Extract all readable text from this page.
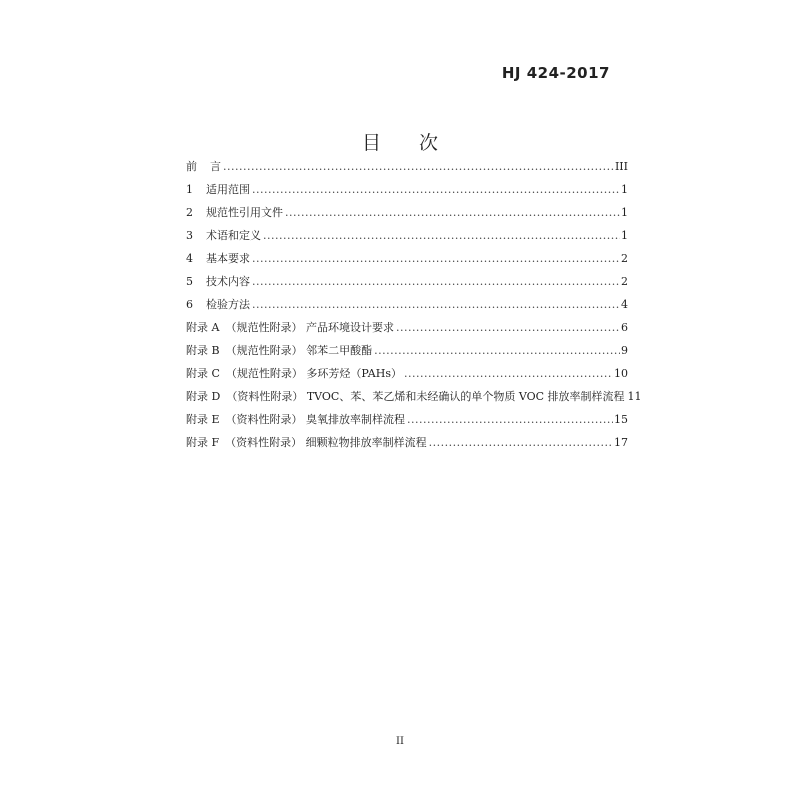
HJ 424-2017
目 次
前	言 .....	III
1	适用范围 .....	1
2	规范性引用文件 .....	1
3	术语和定义 .....	1
4	基本要求 .....	2
5	技术内容 .....	2
6	检验方法 .....	4
附录 A （规范性附录） 产品环境设计要求 .....	6
附录 B （规范性附录） 邻苯二甲酸酯 .....	9
附录 C （规范性附录） 多环芳烃（PAHs） .....	10
附录 D （资料性附录） TVOC、苯、苯乙烯和未经确认的单个物质 VOC 排放率制样流程 11
附录 E （资料性附录） 臭氧排放率制样流程 .....	15
附录 F （资料性附录） 细颗粒物排放率制样流程 .....	17
II
